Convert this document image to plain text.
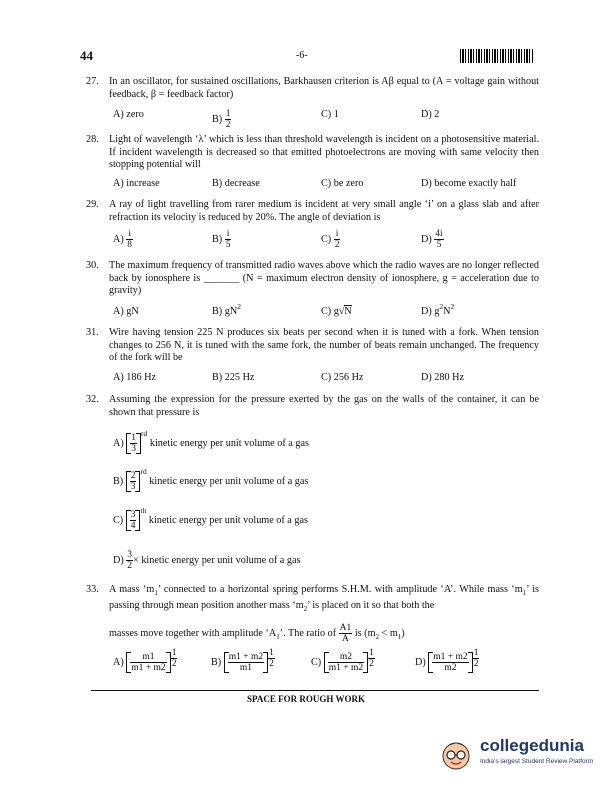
44	-6-
27. In an oscillator, for sustained oscillations, Barkhausen criterion is Aβ equal to (A = voltage gain without feedback, β = feedback factor)
A) zero	$B) \frac{1}{2}$	C) 1	D) 2
28. Light of wavelength ‘λ’ which is less than threshold wavelength is incident on a photosensitive material. If incident wavelength is decreased so that emitted photoelectrons are moving with same velocity then stopping potential will
A) increase	B) decrease	C) be zero	D) become exactly half
29. A ray of light travelling from rarer medium is incident at very small angle ‘i’ on a glass slab and after refraction its velocity is reduced by 20%. The angle of deviation is
$A) \frac{i}{8}$	$B) \frac{i}{5}$	$C) \frac{i}{2}$	$D) \frac{4i}{5}$
30. The maximum frequency of transmitted radio waves above which the radio waves are no longer reflected back by ionosphere is _______ (N = maximum electron density of ionosphere, g = acceleration due to gravity)
A) gN	B) $gN^2$	C) g√N	D) $g^2N^2$
31. Wire having tension 225 N produces six beats per second when it is tuned with a fork. When tension changes to 256 N, it is tuned with the same fork, the number of beats remain unchanged. The frequency of the fork will be
A) 186 Hz	B) 225 Hz	C) 256 Hz	D) 280 Hz
32. Assuming the expression for the pressure exerted by the gas on the walls of the container, it can be shown that pressure is
$A) \frac{1}{3} ^{rd}$ kinetic energy per unit volume of a gas
$B) \frac{2}{3} ^{rd}$ kinetic energy per unit volume of a gas
$C) \frac{3}{4} ^{th}$ kinetic energy per unit volume of a gas
$D) \frac{3}{2}$ × kinetic energy per unit volume of a gas
33. A mass ‘$m_1$’ connected to a horizontal spring performs S.H.M. with amplitude ‘A’. While mass ‘$m_1$’ is passing through mean position another mass ‘$m_2$’ is placed on it so that both the
masses move together with amplitude ‘$A_1$’. The ratio of $\frac{A1}{A}$ is $(m_2 < m_1)$
$A) \frac{m1}{m1 + m2} ^{\frac{1}{2}}$	$B) \frac{m1 + m2}{m1} ^{\frac{1}{2}}$	$C) \frac{m2}{m1 + m2} ^{\frac{1}{2}}$	$D) \frac{m1 + m2}{m2} ^{\frac{1}{2}}$
SPACE FOR ROUGH WORK
collegedunia
India's largest Student Review Platform
